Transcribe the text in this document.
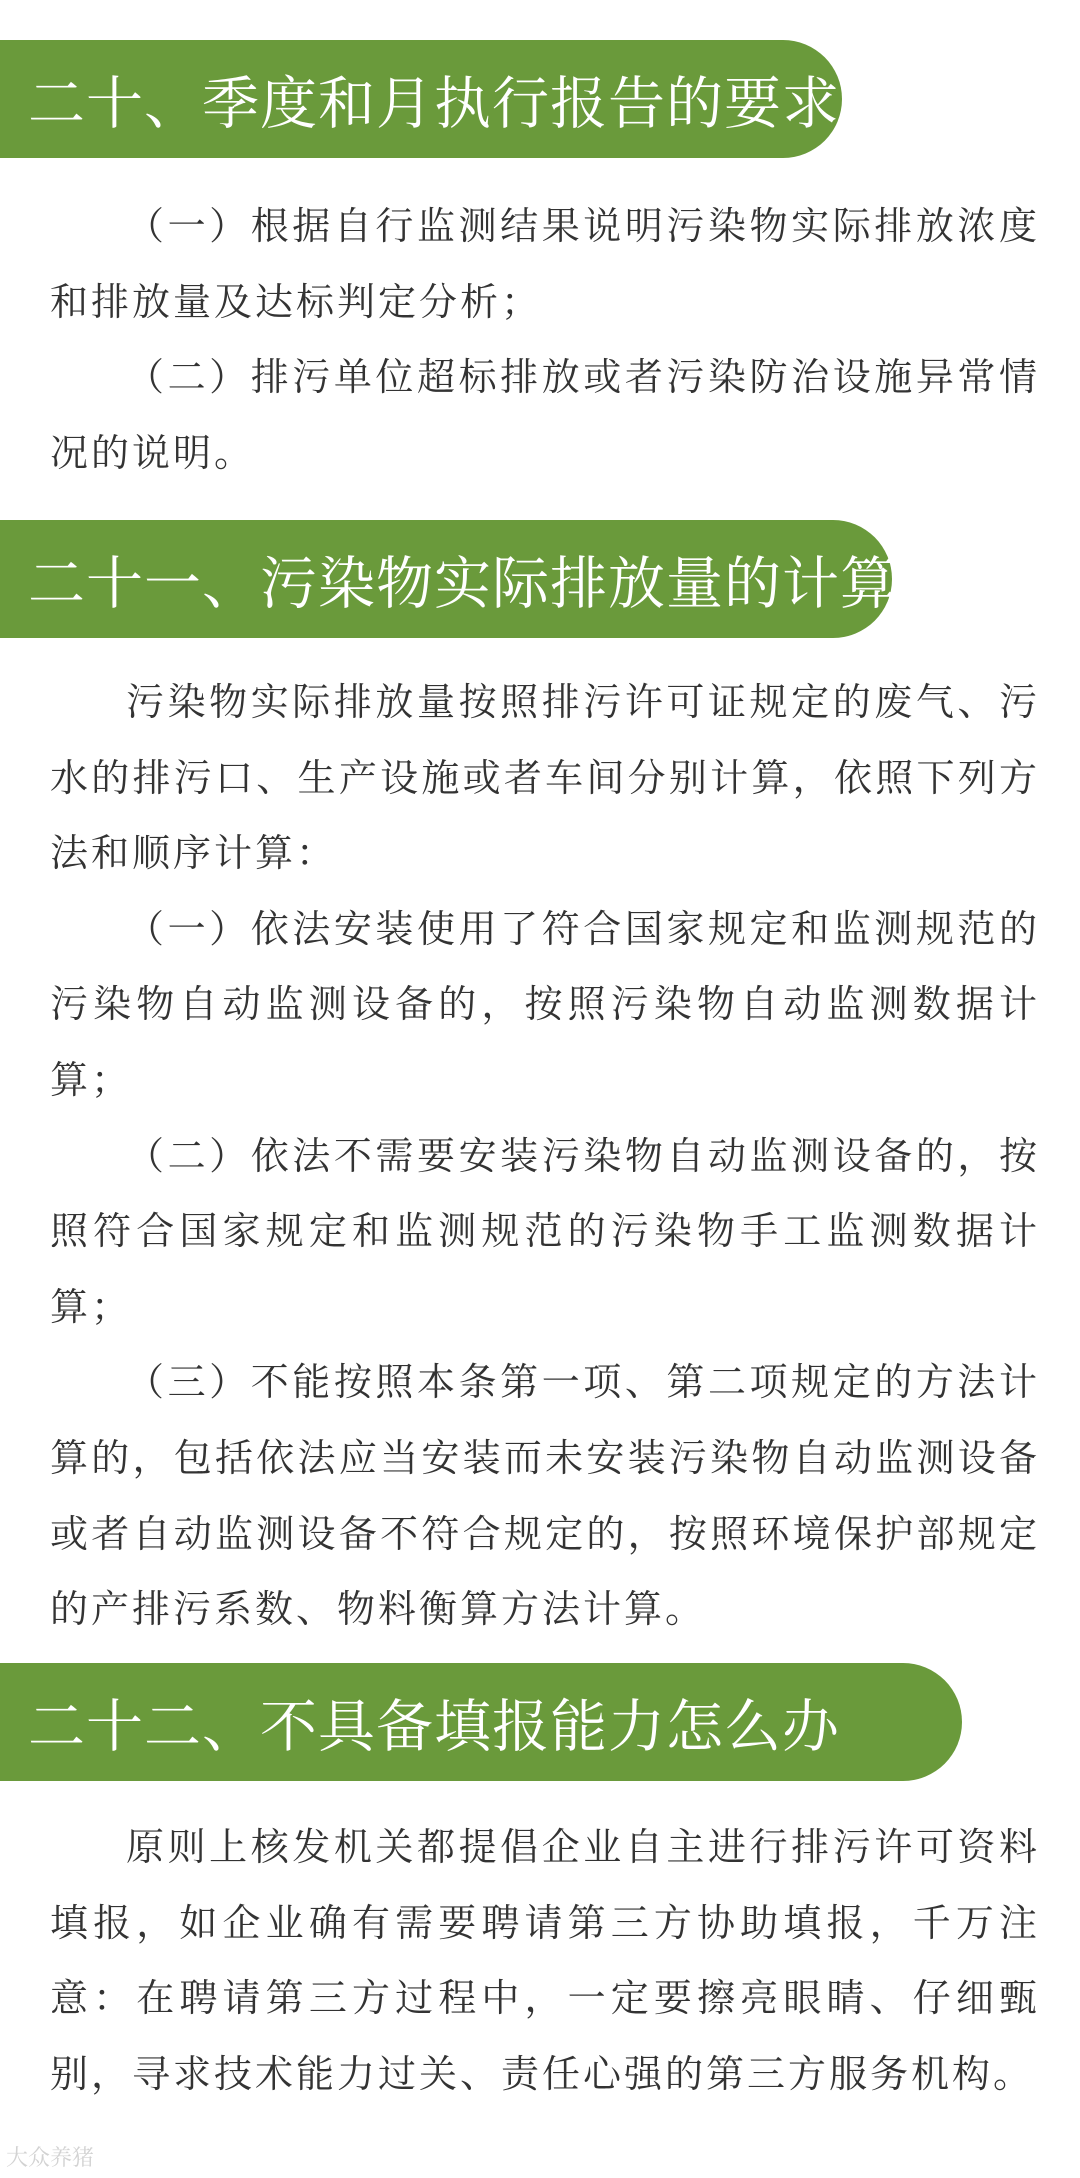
二十、季度和月执行报告的要求

（一）根据自行监测结果说明污染物实际排放浓度和排放量及达标判定分析；

（二）排污单位超标排放或者污染防治设施异常情况的说明。

二十一、污染物实际排放量的计算

污染物实际排放量按照排污许可证规定的废气、污水的排污口、生产设施或者车间分别计算，依照下列方法和顺序计算：

（一）依法安装使用了符合国家规定和监测规范的污染物自动监测设备的，按照污染物自动监测数据计算；

（二）依法不需要安装污染物自动监测设备的，按照符合国家规定和监测规范的污染物手工监测数据计算；

（三）不能按照本条第一项、第二项规定的方法计算的，包括依法应当安装而未安装污染物自动监测设备或者自动监测设备不符合规定的，按照环境保护部规定的产排污系数、物料衡算方法计算。

二十二、不具备填报能力怎么办

原则上核发机关都提倡企业自主进行排污许可资料填报，如企业确有需要聘请第三方协助填报，千万注意：在聘请第三方过程中，一定要擦亮眼睛、仔细甄别，寻求技术能力过关、责任心强的第三方服务机构。

大众养猪
